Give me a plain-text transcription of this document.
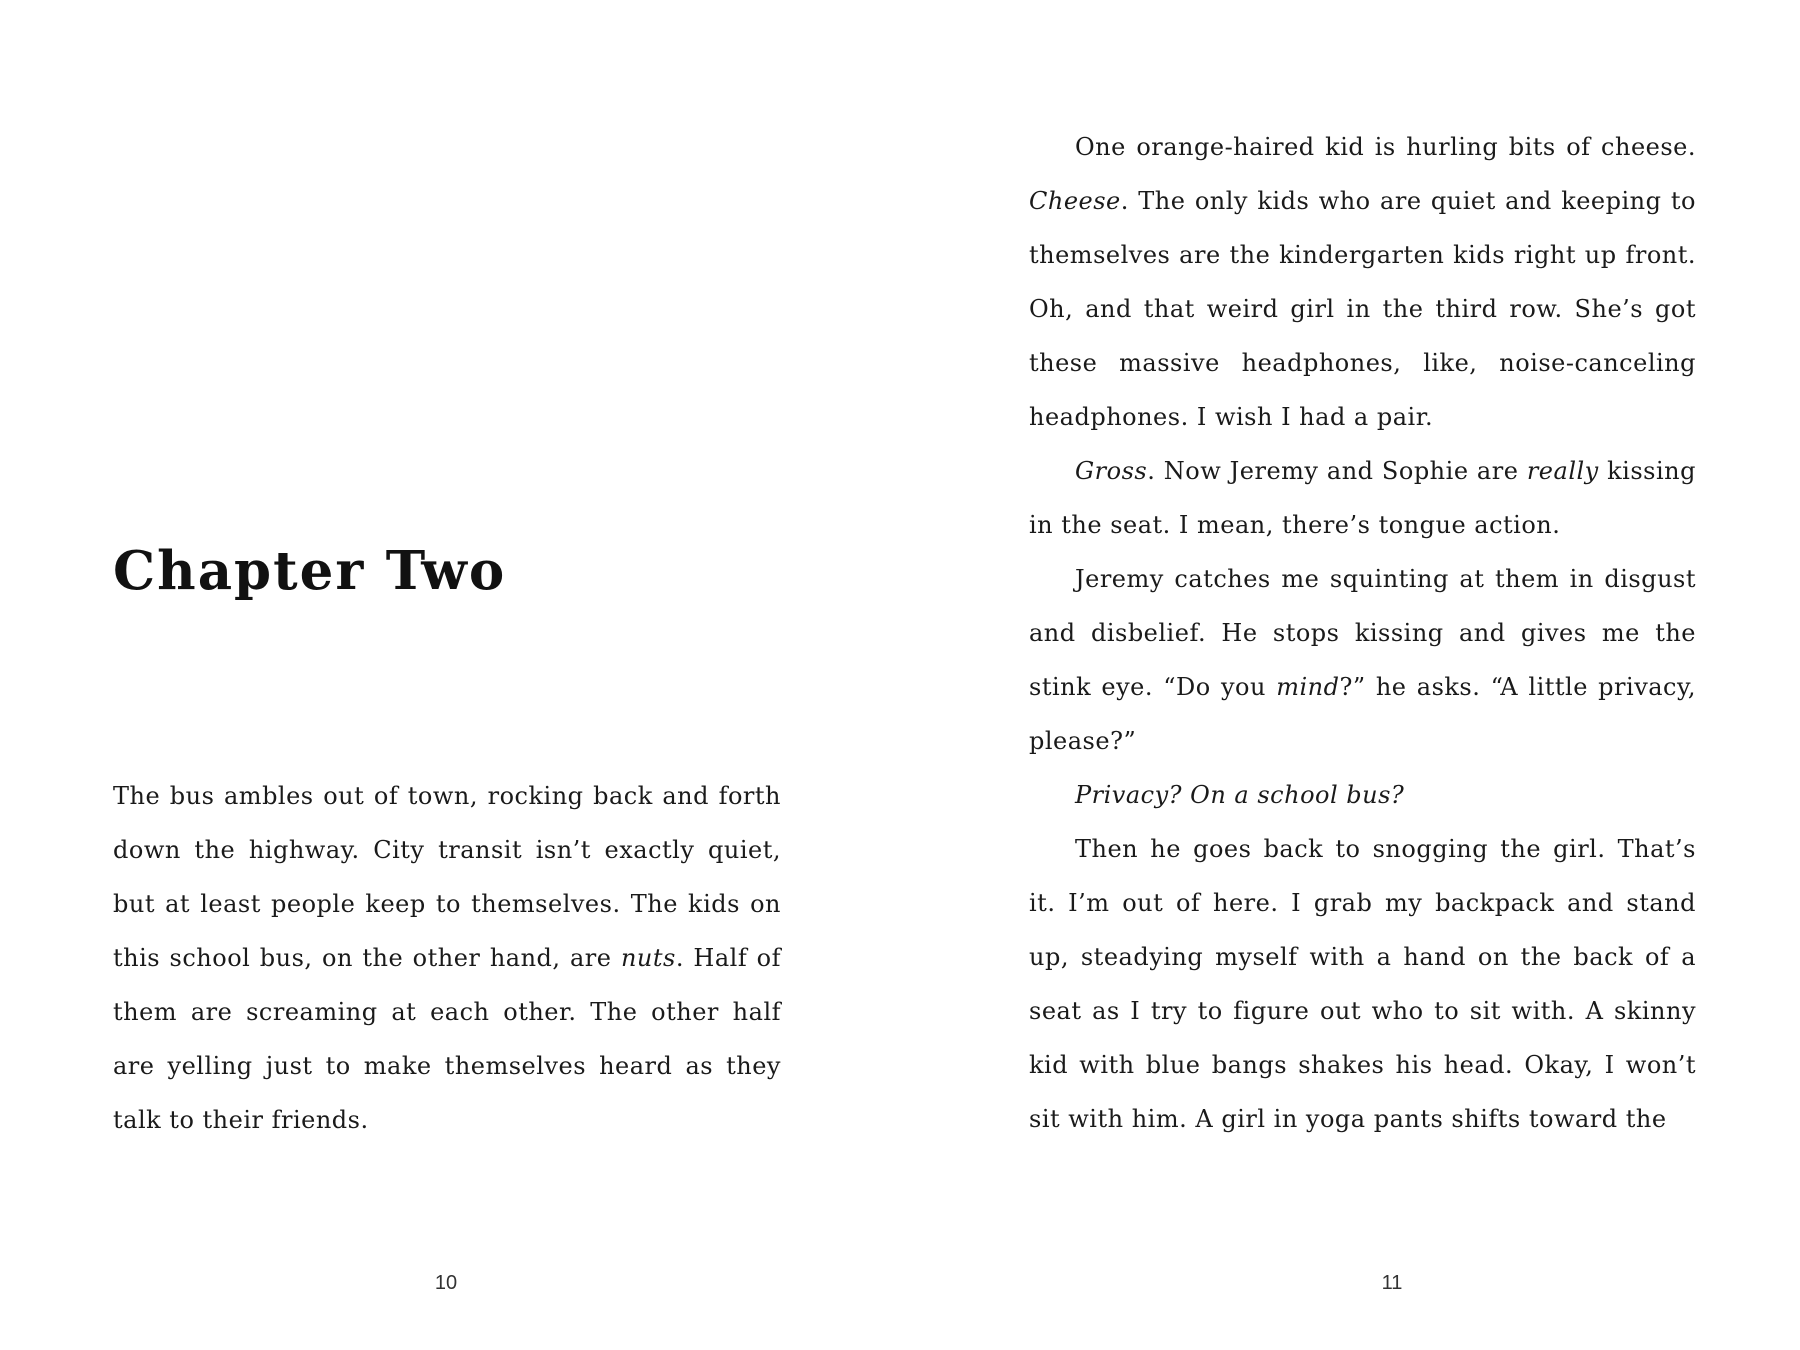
Chapter Two

The bus ambles out of town, rocking back and forth down the highway. City transit isn’t exactly quiet, but at least people keep to themselves. The kids on this school bus, on the other hand, are nuts. Half of them are screaming at each other. The other half are yelling just to make themselves heard as they talk to their friends.

10

One orange-haired kid is hurling bits of cheese. Cheese. The only kids who are quiet and keeping to themselves are the kindergarten kids right up front. Oh, and that weird girl in the third row. She’s got these massive headphones, like, noise-canceling headphones. I wish I had a pair.

Gross. Now Jeremy and Sophie are really kissing in the seat. I mean, there’s tongue action.

Jeremy catches me squinting at them in disgust and disbelief. He stops kissing and gives me the stink eye. “Do you mind?” he asks. “A little privacy, please?”

Privacy? On a school bus?

Then he goes back to snogging the girl. That’s it. I’m out of here. I grab my backpack and stand up, steadying myself with a hand on the back of a seat as I try to figure out who to sit with. A skinny kid with blue bangs shakes his head. Okay, I won’t sit with him. A girl in yoga pants shifts toward the

11
